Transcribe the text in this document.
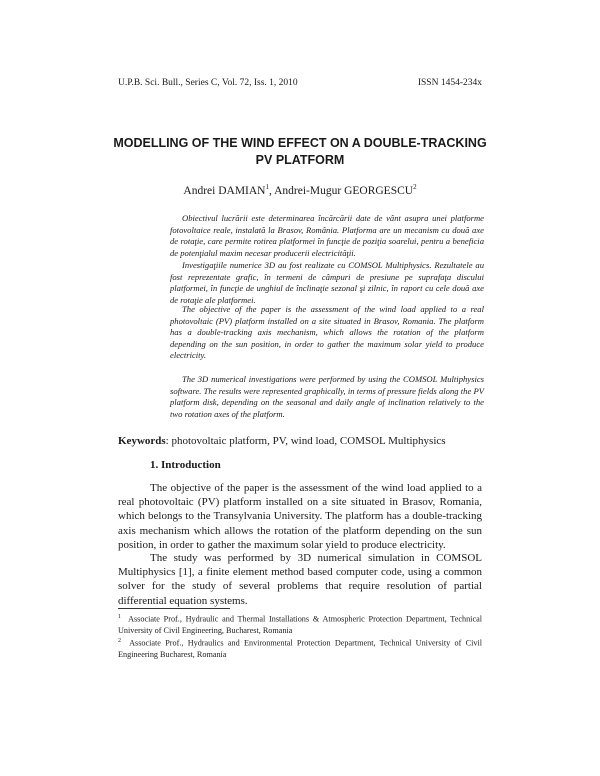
U.P.B. Sci. Bull., Series C, Vol. 72, Iss. 1, 2010	ISSN 1454-234x
MODELLING OF THE WIND EFFECT ON A DOUBLE-TRACKING PV PLATFORM
Andrei DAMIAN$^1$, Andrei-Mugur GEORGESCU$^2$

Obiectivul lucrării este determinarea încărcării date de vânt asupra unei platforme fotovoltaice reale, instalată la Brasov, România. Platforma are un mecanism cu două axe de rotaţie, care permite rotirea platformei în funcţie de poziţia soarelui, pentru a beneficia de potenţialul maxim necesar producerii electricităţii.

Investigaţiile numerice 3D au fost realizate cu COMSOL Multiphysics. Rezultatele au fost reprezentate grafic, în termeni de câmpuri de presiune pe suprafaţa discului platformei, în funcţie de unghiul de înclinaţie sezonal şi zilnic, în raport cu cele două axe de rotaţie ale platformei.

The objective of the paper is the assessment of the wind load applied to a real photovoltaic (PV) platform installed on a site situated in Brasov, Romania. The platform has a double-tracking axis mechanism, which allows the rotation of the platform depending on the sun position, in order to gather the maximum solar yield to produce electricity.

The 3D numerical investigations were performed by using the COMSOL Multiphysics software. The results were represented graphically, in terms of pressure fields along the PV platform disk, depending on the seasonal and daily angle of inclination relatively to the two rotation axes of the platform.

Keywords: photovoltaic platform, PV, wind load, COMSOL Multiphysics
1. Introduction

The objective of the paper is the assessment of the wind load applied to a real photovoltaic (PV) platform installed on a site situated in Brasov, Romania, which belongs to the Transylvania University. The platform has a double-tracking axis mechanism which allows the rotation of the platform depending on the sun position, in order to gather the maximum solar yield to produce electricity.

The study was performed by 3D numerical simulation in COMSOL Multiphysics [1], a finite element method based computer code, using a common solver for the study of several problems that require resolution of partial differential equation systems.

$^1$ Associate Prof., Hydraulic and Thermal Installations & Atmospheric Protection Department, Technical University of Civil Engineering, Bucharest, Romania

$^2$ Associate Prof., Hydraulics and Environmental Protection Department, Technical University of Civil Engineering Bucharest, Romania
